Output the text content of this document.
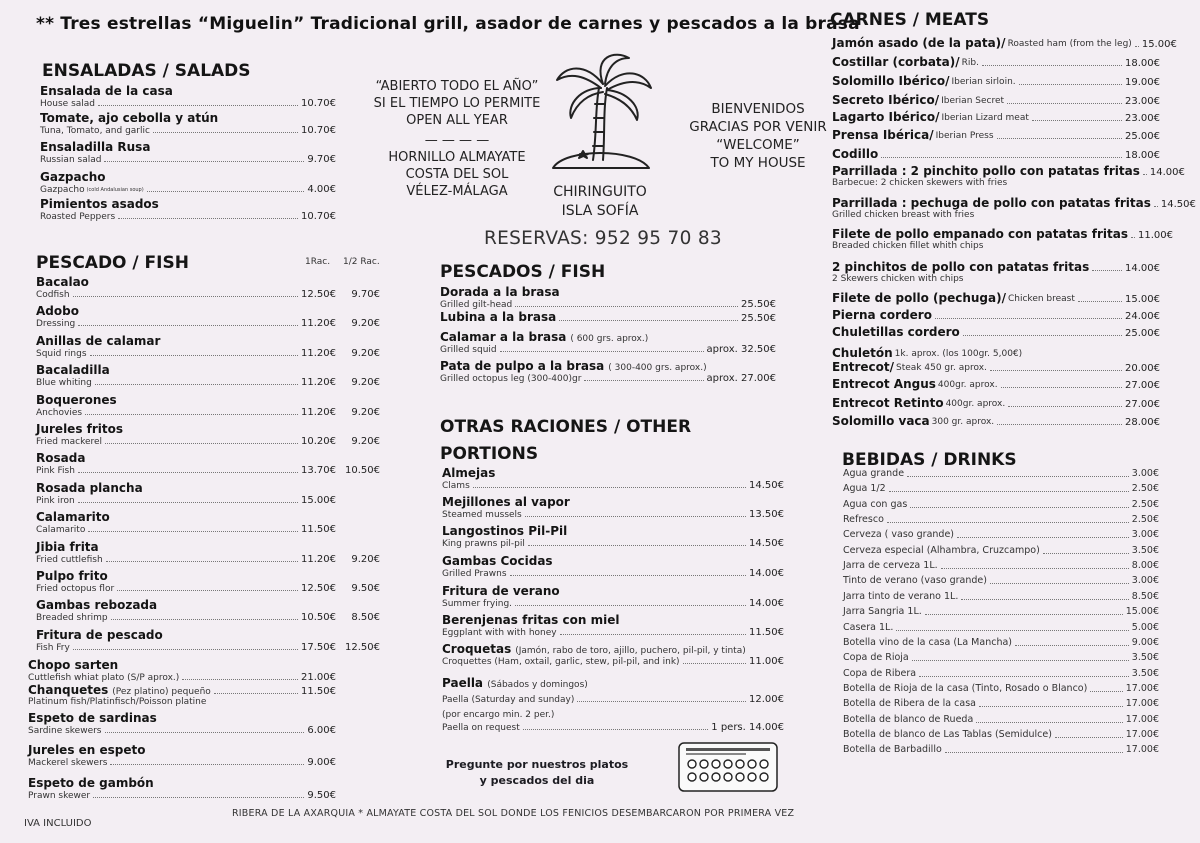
** Tres estrellas “Miguelin” Tradicional grill, asador de carnes y pescados a la brasa
ENSALADAS / SALADS
Ensalada de la casa
House salad	10.70€
Tomate, ajo cebolla y atún
Tuna, Tomato, and garlic	10.70€
Ensaladilla Rusa
Russian salad	9.70€
Gazpacho
Gazpacho (cold Andalusian soup)	4.00€
Pimientos asados
Roasted Peppers	10.70€
PESCADO / FISH	1Rac. 1/2 Rac.
Bacalao
Codfish	12.50€	9.70€
Adobo
Dressing	11.20€	9.20€
Anillas de calamar
Squid rings	11.20€	9.20€
Bacaladilla
Blue whiting	11.20€	9.20€
Boquerones
Anchovies	11.20€	9.20€
Jureles fritos
Fried mackerel	10.20€	9.20€
Rosada
Pink Fish	13.70€ 10.50€
Rosada plancha
Pink iron	15.00€
Calamarito
Calamarito	11.50€
Jibia frita
Fried cuttlefish	11.20€	9.20€
Pulpo frito
Fried octopus flor	12.50€	9.50€
Gambas rebozada
Breaded shrimp	10.50€	8.50€
Fritura de pescado
Fish Fry	17.50€ 12.50€
Chopo sarten
Cuttlefish whiat plato (S/P aprox.)	21.00€
Chanquetes (Pez platino) pequeño	11.50€
Platinum fish/Platinfisch/Poisson platine
Espeto de sardinas
Sardine skewers	6.00€
Jureles en espeto
Mackerel skewers	9.00€
Espeto de gambón
Prawn skewer	9.50€
“ABIERTO TODO EL AÑO”
SI EL TIEMPO LO PERMITE
OPEN ALL YEAR
— — — —
HORNILLO ALMAYATE
COSTA DEL SOL
VÉLEZ-MÁLAGA	CHIRINGUITO
ISLA SOFÍA
BIENVENIDOS
GRACIAS POR VENIR
“WELCOME”
TO MY HOUSE
RESERVAS: 952 95 70 83
PESCADOS / FISH
Dorada a la brasa
Grilled gilt-head	25.50€
Lubina a la brasa	25.50€
Calamar a la brasa ( 600 grs. aprox.)
Grilled squid	aprox. 32.50€
Pata de pulpo a la brasa ( 300-400 grs. aprox.)
Grilled octopus leg (300-400)gr	aprox. 27.00€
OTRAS RACIONES / OTHER
PORTIONS
Almejas
Clams	14.50€
Mejillones al vapor
Steamed mussels	13.50€
Langostinos Pil-Pil
King prawns pil-pil	14.50€
Gambas Cocidas
Grilled Prawns	14.00€
Fritura de verano
Summer frying.	14.00€
Berenjenas fritas con miel
Eggplant with with honey	11.50€
Croquetas (Jamón, rabo de toro, ajillo, puchero, pil-pil, y tinta)
Croquettes (Ham, oxtail, garlic, stew, pil-pil, and ink)	11.00€
Paella (Sábados y domingos)
Paella (Saturday and sunday)	12.00€
(por encargo min. 2 per.)
Paella on request	1 pers. 14.00€
Pregunte por nuestros platos
y pescados del dia
CARNES / MEATS
Jamón asado (de la pata)/ Roasted ham (from the leg) 15.00€
Costillar (corbata)/ Rib.	18.00€
Solomillo Ibérico/ Iberian sirloin.	19.00€
Secreto Ibérico/ Iberian Secret	23.00€
Lagarto Ibérico/ Iberian Lizard meat	23.00€
Prensa Ibérica/ Iberian Press	25.00€
Codillo	18.00€
Parrillada : 2 pinchito pollo con patatas fritas 14.00€
Barbecue: 2 chicken skewers with fries
Parrillada : pechuga de pollo con patatas fritas 14.50€
Grilled chicken breast with fries
Filete de pollo empanado con patatas fritas 11.00€
Breaded chicken fillet whith chips
2 pinchitos de pollo con patatas fritas	14.00€
2 Skewers chicken with chips
Filete de pollo (pechuga)/ Chicken breast	15.00€
Pierna cordero	24.00€
Chuletillas cordero	25.00€
Chuletón 1k. aprox. (los 100gr. 5,00€)
Entrecot/ Steak 450 gr. aprox.	20.00€
Entrecot Angus 400gr. aprox.	27.00€
Entrecot Retinto 400gr. aprox.	27.00€
Solomillo vaca 300 gr. aprox.	28.00€
BEBIDAS / DRINKS
Agua grande	3.00€
Agua 1/2	2.50€
Agua con gas	2.50€
Refresco	2.50€
Cerveza ( vaso grande)	3.00€
Cerveza especial (Alhambra, Cruzcampo)	3.50€
Jarra de cerveza 1L.	8.00€
Tinto de verano (vaso grande)	3.00€
Jarra tinto de verano 1L.	8.50€
Jarra Sangria 1L.	15.00€
Casera 1L.	5.00€
Botella vino de la casa (La Mancha)	9.00€
Copa de Rioja	3.50€
Copa de Ribera	3.50€
Botella de Rioja de la casa (Tinto, Rosado o Blanco)	17.00€
Botella de Ribera de la casa	17.00€
Botella de blanco de Rueda	17.00€
Botella de blanco de Las Tablas (Semidulce)	17.00€
Botella de Barbadillo	17.00€
IVA INCLUIDO
RIBERA DE LA AXARQUIA * ALMAYATE COSTA DEL SOL DONDE LOS FENICIOS DESEMBARCARON POR PRIMERA VEZ
